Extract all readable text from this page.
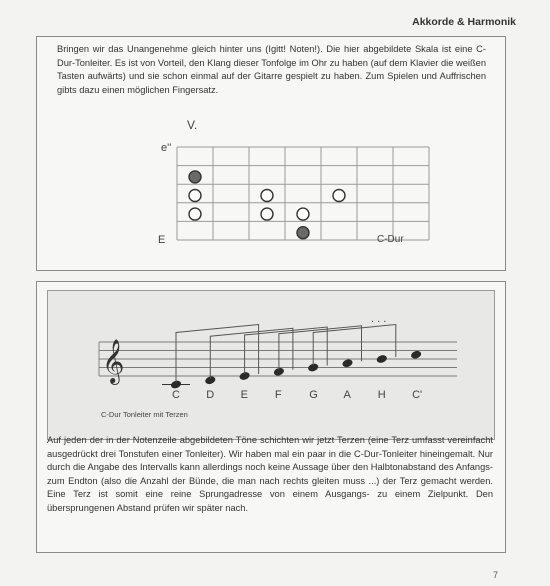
Akkorde & Harmonik
Bringen wir das Unangenehme gleich hinter uns (Igitt! Noten!). Die hier abgebildete Skala ist eine C-Dur-Tonleiter. Es ist von Vorteil, den Klang dieser Tonfolge im Ohr zu haben (auf dem Klavier die weißen Tasten aufwärts) und sie schon einmal auf der Gitarre gespielt zu haben. Zum Spielen und Auffrischen gibts dazu einen möglichen Fingersatz.
V.
e''
E	C-Dur
𝄞
C D E F	G A H C'
C-Dur Tonleiter mit Terzen
. . .
Auf jeden der in der Notenzeile abgebildeten Töne schichten wir jetzt Terzen (eine Terz umfasst vereinfacht ausgedrückt drei Tonstufen einer Tonleiter). Wir haben mal ein paar in die C-Dur-Tonleiter hineingemalt. Nur durch die Angabe des Intervalls kann allerdings noch keine Aussage über den Halbtonabstand des Anfangs- zum Endton (also die Anzahl der Bünde, die man nach rechts gleiten muss ...) der Terz gemacht werden. Eine Terz ist somit eine reine Sprungadresse von einem Ausgangs- zu einem Zielpunkt. Den übersprungenen Abstand prüfen wir später nach.
7
